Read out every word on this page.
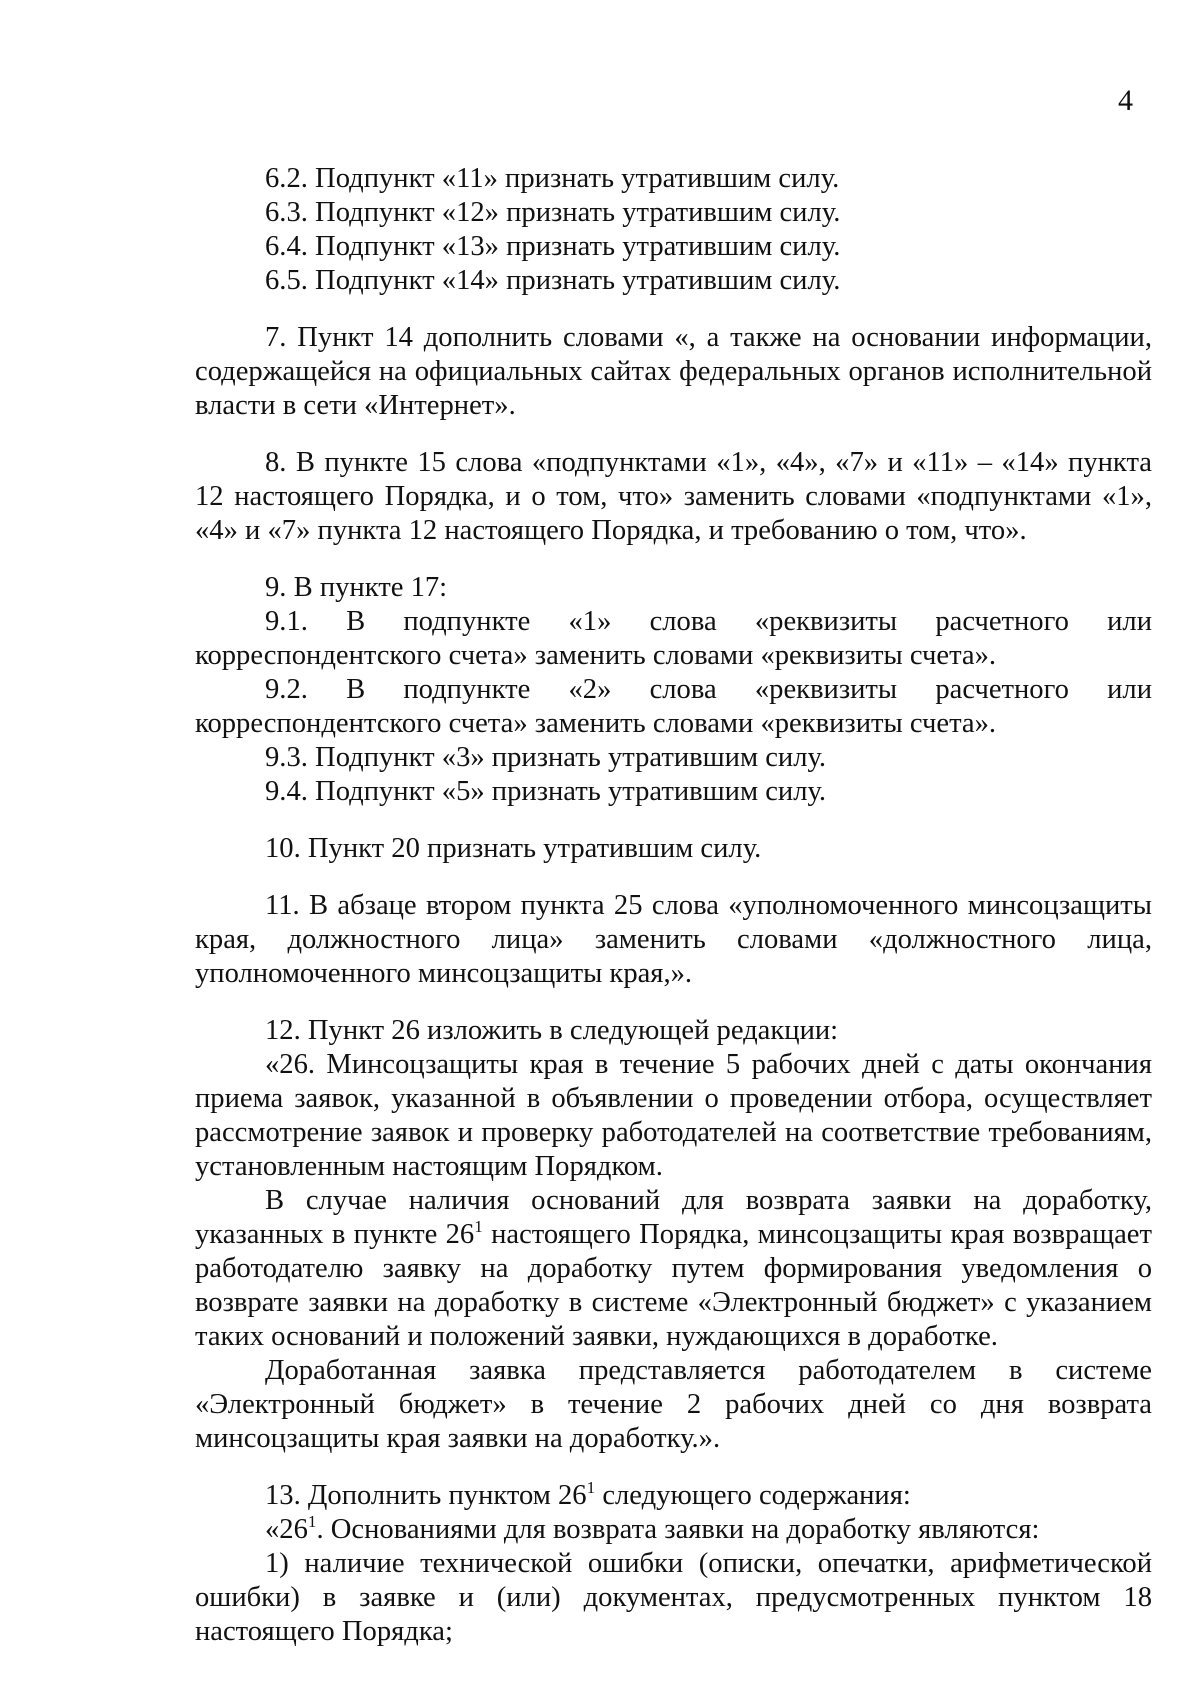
4

6.2. Подпункт «11» признать утратившим силу.

6.3. Подпункт «12» признать утратившим силу.

6.4. Подпункт «13» признать утратившим силу.

6.5. Подпункт «14» признать утратившим силу.

7. Пункт 14 дополнить словами «, а также на основании информации, содержащейся на официальных сайтах федеральных органов исполнительной власти в сети «Интернет».

8. В пункте 15 слова «подпунктами «1», «4», «7» и «11» – «14» пункта 12 настоящего Порядка, и о том, что» заменить словами «подпунктами «1», «4» и «7» пункта 12 настоящего Порядка, и требованию о том, что».

9. В пункте 17:

9.1. В подпункте «1» слова «реквизиты расчетного или корреспондентского счета» заменить словами «реквизиты счета».

9.2. В подпункте «2» слова «реквизиты расчетного или корреспондентского счета» заменить словами «реквизиты счета».

9.3. Подпункт «3» признать утратившим силу.

9.4. Подпункт «5» признать утратившим силу.

10. Пункт 20 признать утратившим силу.

11. В абзаце втором пункта 25 слова «уполномоченного минсоцзащиты края, должностного лица» заменить словами «должностного лица, уполномоченного минсоцзащиты края,».

12. Пункт 26 изложить в следующей редакции:

«26. Минсоцзащиты края в течение 5 рабочих дней с даты окончания приема заявок, указанной в объявлении о проведении отбора, осуществляет рассмотрение заявок и проверку работодателей на соответствие требованиям, установленным настоящим Порядком.

В случае наличия оснований для возврата заявки на доработку, указанных в пункте $26^1$ настоящего Порядка, минсоцзащиты края возвращает работодателю заявку на доработку путем формирования уведомления о возврате заявки на доработку в системе «Электронный бюджет» с указанием таких оснований и положений заявки, нуждающихся в доработке.

Доработанная заявка представляется работодателем в системе «Электронный бюджет» в течение 2 рабочих дней со дня возврата минсоцзащиты края заявки на доработку.».

13. Дополнить пунктом $26^1$ следующего содержания:

«$26^1$. Основаниями для возврата заявки на доработку являются:

1) наличие технической ошибки (описки, опечатки, арифметической ошибки) в заявке и (или) документах, предусмотренных пунктом 18 настоящего Порядка;
